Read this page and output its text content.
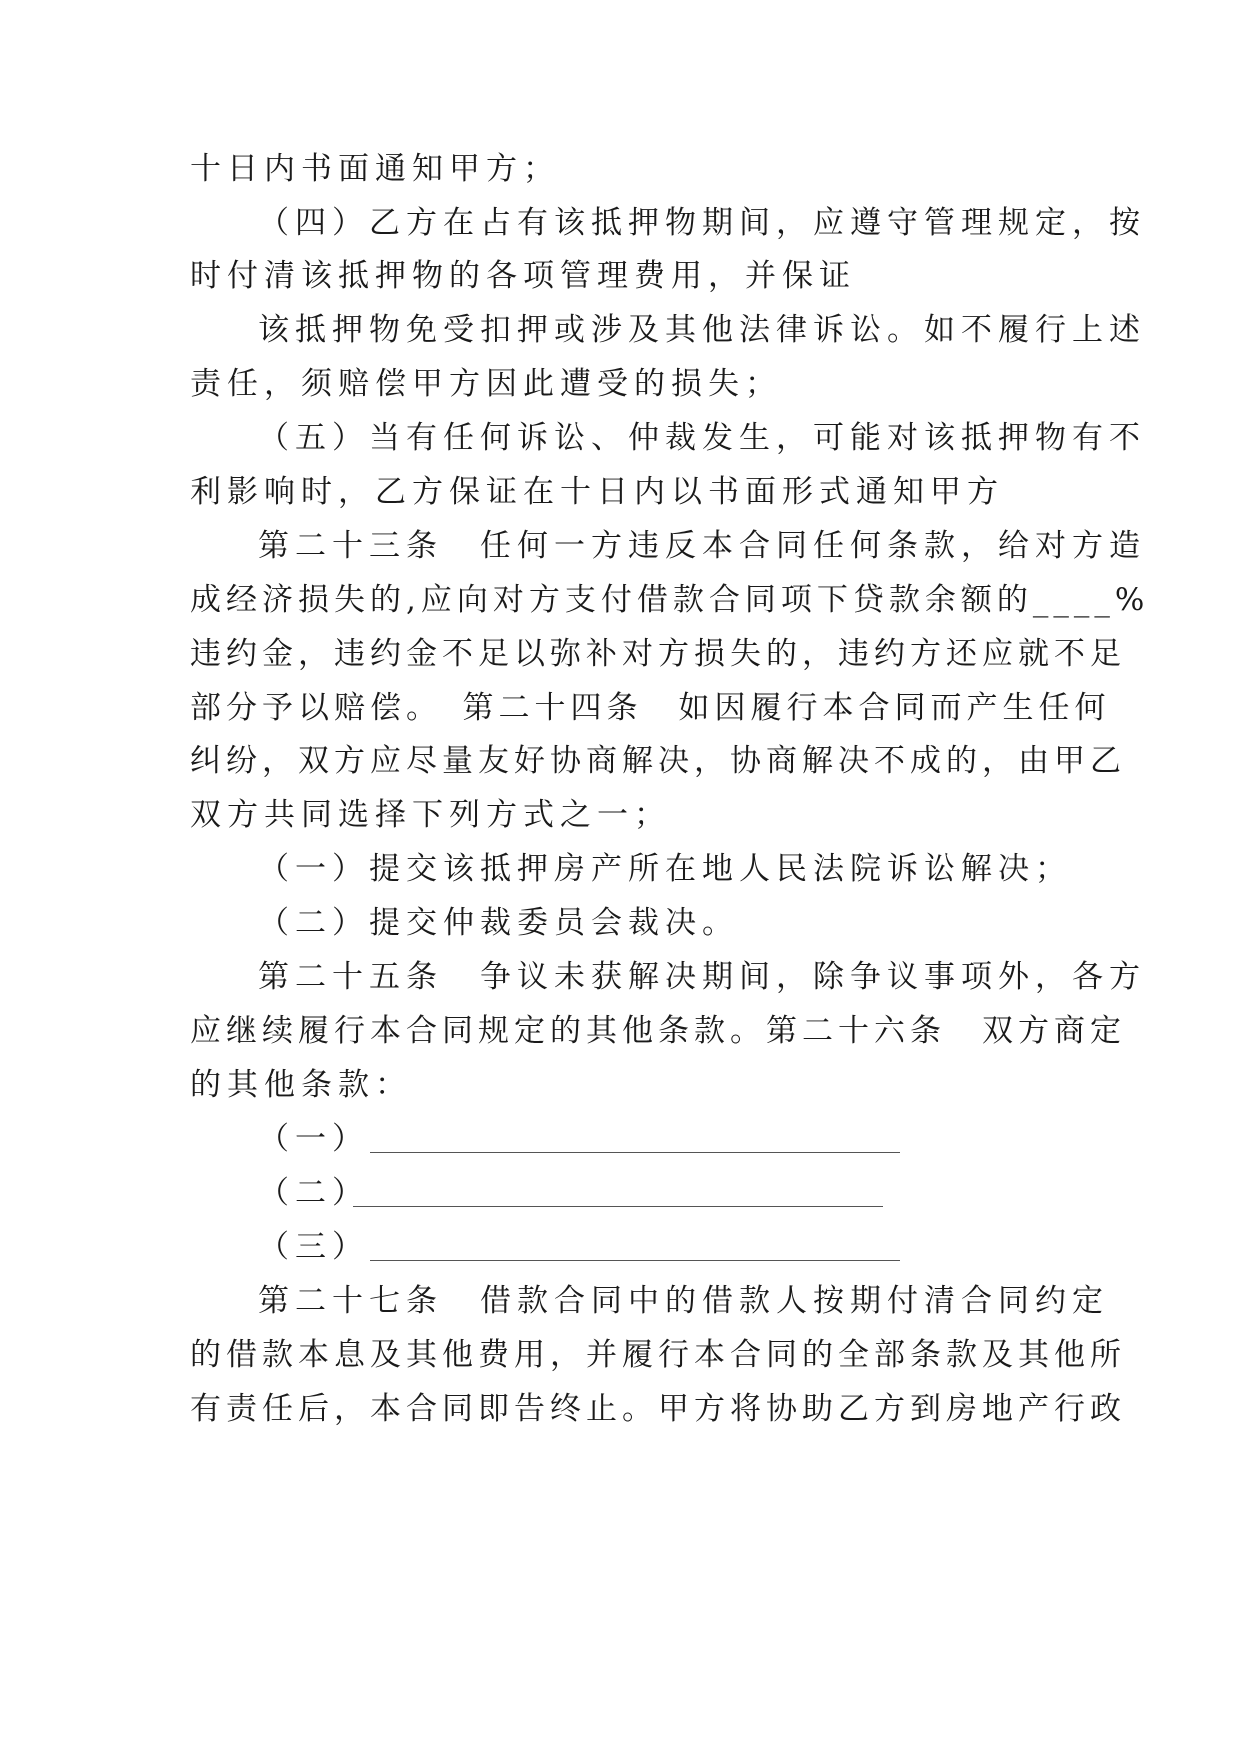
十日内书面通知甲方；

（四）乙方在占有该抵押物期间，应遵守管理规定，按

时付清该抵押物的各项管理费用，并保证

该抵押物免受扣押或涉及其他法律诉讼。如不履行上述

责任，须赔偿甲方因此遭受的损失；

（五）当有任何诉讼、仲裁发生，可能对该抵押物有不

利影响时，乙方保证在十日内以书面形式通知甲方

第二十三条　任何一方违反本合同任何条款，给对方造

成经济损失的,应向对方支付借款合同项下贷款余额的____%

违约金，违约金不足以弥补对方损失的，违约方还应就不足

部分予以赔偿。　第二十四条　如因履行本合同而产生任何

纠纷，双方应尽量友好协商解决，协商解决不成的，由甲乙

双方共同选择下列方式之一；

（一）提交该抵押房产所在地人民法院诉讼解决；

（二）提交仲裁委员会裁决。

第二十五条　争议未获解决期间，除争议事项外，各方

应继续履行本合同规定的其他条款。第二十六条　双方商定

的其他条款：

（一）
（二）
（三）

第二十七条　借款合同中的借款人按期付清合同约定

的借款本息及其他费用，并履行本合同的全部条款及其他所

有责任后，本合同即告终止。甲方将协助乙方到房地产行政
